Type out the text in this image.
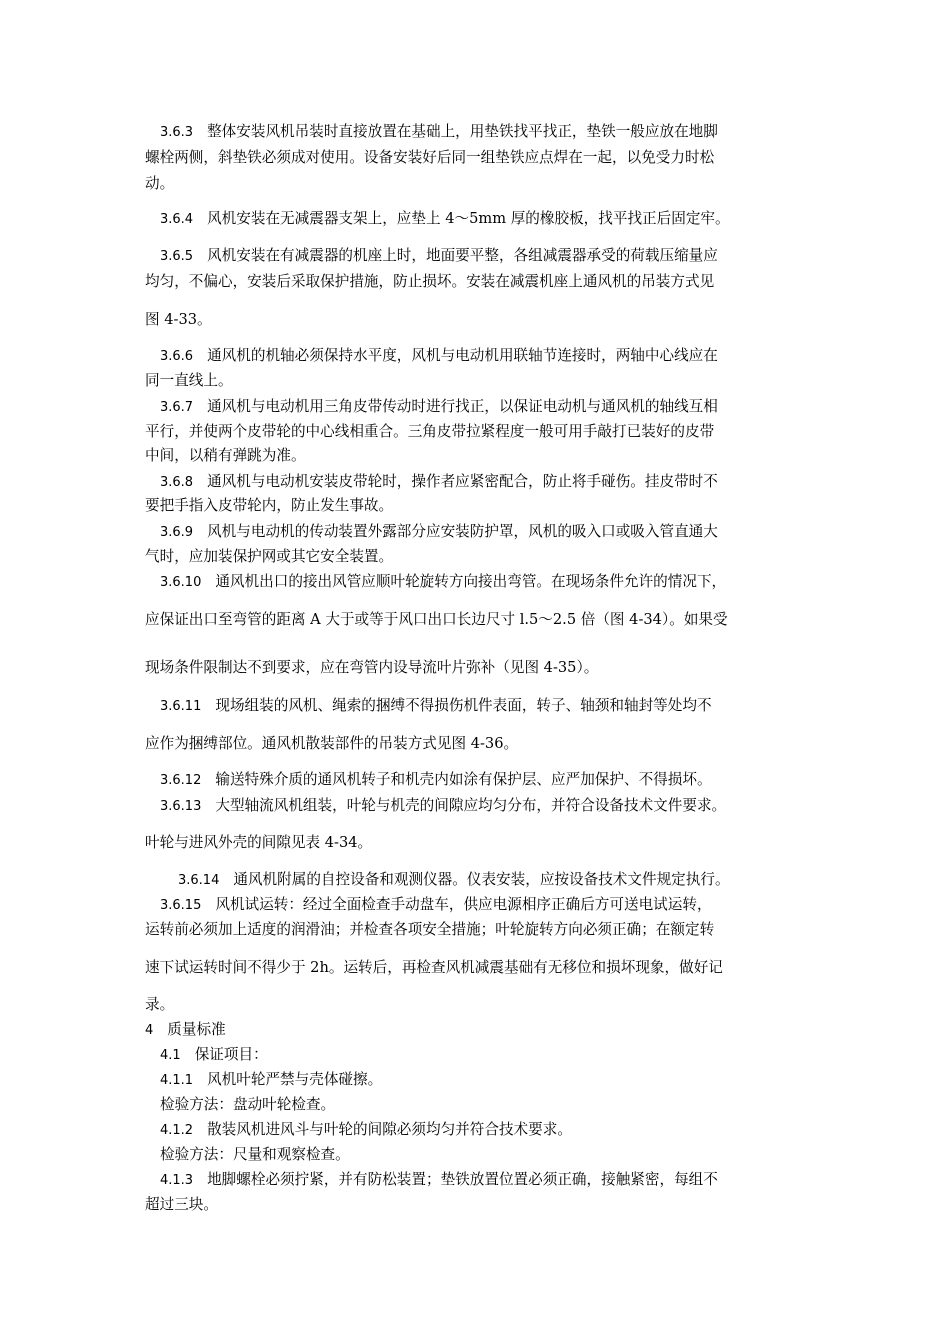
3.6.3 整体安装风机吊装时直接放置在基础上，用垫铁找平找正，垫铁一般应放在地脚
螺栓两侧，斜垫铁必须成对使用。设备安装好后同一组垫铁应点焊在一起，以免受力时松
动。
3.6.4 风机安装在无减震器支架上，应垫上 4～5mm 厚的橡胶板，找平找正后固定牢。
3.6.5 风机安装在有减震器的机座上时，地面要平整，各组减震器承受的荷载压缩量应
均匀，不偏心，安装后采取保护措施，防止损坏。安装在减震机座上通风机的吊装方式见
图 4-33。
3.6.6 通风机的机轴必须保持水平度，风机与电动机用联轴节连接时，两轴中心线应在
同一直线上。
3.6.7 通风机与电动机用三角皮带传动时进行找正，以保证电动机与通风机的轴线互相
平行，并使两个皮带轮的中心线相重合。三角皮带拉紧程度一般可用手敲打已装好的皮带
中间，以稍有弹跳为准。
3.6.8 通风机与电动机安装皮带轮时，操作者应紧密配合，防止将手碰伤。挂皮带时不
要把手指入皮带轮内，防止发生事故。
3.6.9 风机与电动机的传动装置外露部分应安装防护罩，风机的吸入口或吸入管直通大
气时，应加装保护网或其它安全装置。
3.6.10 通风机出口的接出风管应顺叶轮旋转方向接出弯管。在现场条件允许的情况下，
应保证出口至弯管的距离 A 大于或等于风口出口长边尺寸 l.5～2.5 倍（图 4-34）。如果受
现场条件限制达不到要求，应在弯管内设导流叶片弥补（见图 4-35）。
3.6.11 现场组装的风机、绳索的捆缚不得损伤机件表面，转子、轴颈和轴封等处均不
应作为捆缚部位。通风机散装部件的吊装方式见图 4-36。
3.6.12 输送特殊介质的通风机转子和机壳内如涂有保护层、应严加保护、不得损坏。
3.6.13 大型轴流风机组装，叶轮与机壳的间隙应均匀分布，并符合设备技术文件要求。
叶轮与进风外壳的间隙见表 4-34。
3.6.14 通风机附属的自控设备和观测仪器。仪表安装，应按设备技术文件规定执行。
3.6.15 风机试运转：经过全面检查手动盘车，供应电源相序正确后方可送电试运转，
运转前必须加上适度的润滑油；并检查各项安全措施；叶轮旋转方向必须正确；在额定转
速下试运转时间不得少于 2h。运转后，再检查风机减震基础有无移位和损坏现象，做好记
录。
4 质量标准
4.1 保证项目：
4.1.1 风机叶轮严禁与壳体碰擦。
检验方法：盘动叶轮检查。
4.1.2 散装风机进风斗与叶轮的间隙必须均匀并符合技术要求。
检验方法：尺量和观察检查。
4.1.3 地脚螺栓必须拧紧，并有防松装置；垫铁放置位置必须正确，接触紧密，每组不
超过三块。
